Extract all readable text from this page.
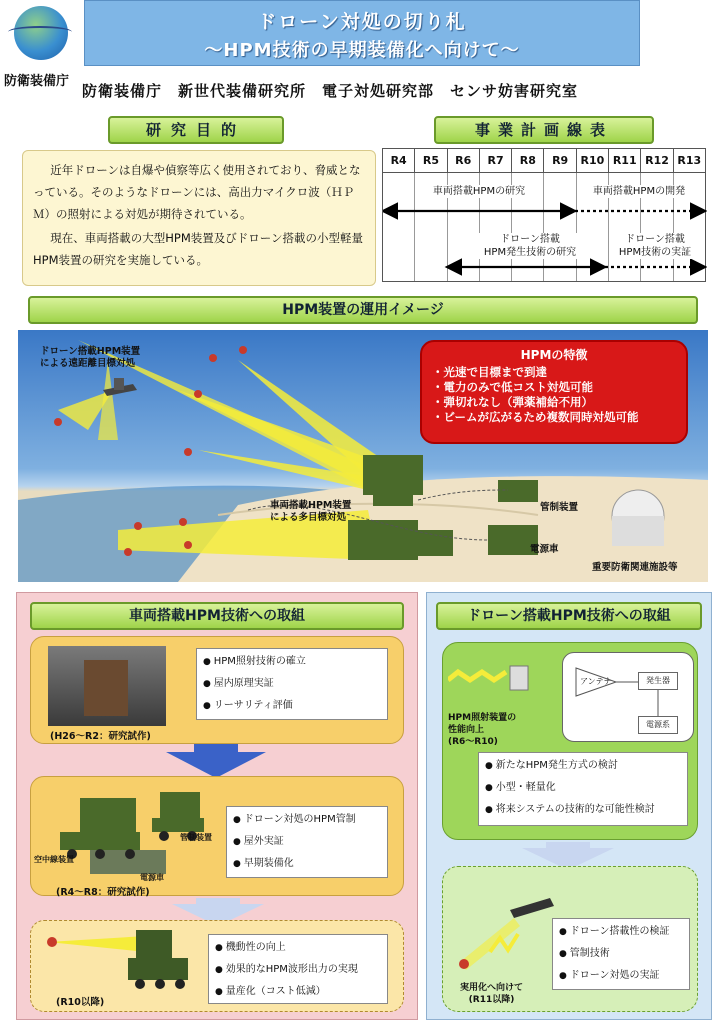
防衛装備庁
ドローン対処の切り札
～HPM技術の早期装備化へ向けて～
防衛装備庁　新世代装備研究所　電子対処研究部　センサ妨害研究室
研究目的

近年ドローンは自爆や偵察等広く使用されており、脅威となっている。そのようなドローンには、高出力マイクロ波（ＨＰＭ）の照射による対処が期待されている。

現在、車両搭載の大型HPM装置及びドローン搭載の小型軽量HPM装置の研究を実施している。

事業計画線表
R4	R5	R6	R7	R8	R9	R10 R11 R12 R13
車両搭載HPMの研究	車両搭載HPMの開発
ドローン搭載
HPM発生技術の研究
ドローン搭載
HPM技術の実証
HPM装置の運用イメージ
ドローン搭載HPM装置
による遠距離目標対処
車両搭載HPM装置
による多目標対処
管制装置
電源車
重要防衛関連施設等
HPMの特徴
・光速で目標まで到達
・電力のみで低コスト対処可能
・弾切れなし（弾薬補給不用）
・ビームが広がるため複数同時対処可能
車両搭載HPM技術への取組
(H26～R2：研究試作)
● HPM照射技術の確立
● 屋内原理実証
● リーサリティ評価
空中線装置
管制装置
電源車
(R4～R8：研究試作)
● ドローン対処のHPM管制
● 屋外実証
● 早期装備化
(R10以降)
● 機動性の向上
● 効果的なHPM波形出力の実現
● 量産化（コスト低減）
ドローン搭載HPM技術への取組
アンテナ	発生器
電源系
HPM照射装置の
性能向上
(R6～R10)
● 新たなHPM発生方式の検討
● 小型・軽量化
● 将来システムの技術的な可能性検討
実用化へ向けて
(R11以降)
● ドローン搭載性の検証
● 管制技術
● ドローン対処の実証
